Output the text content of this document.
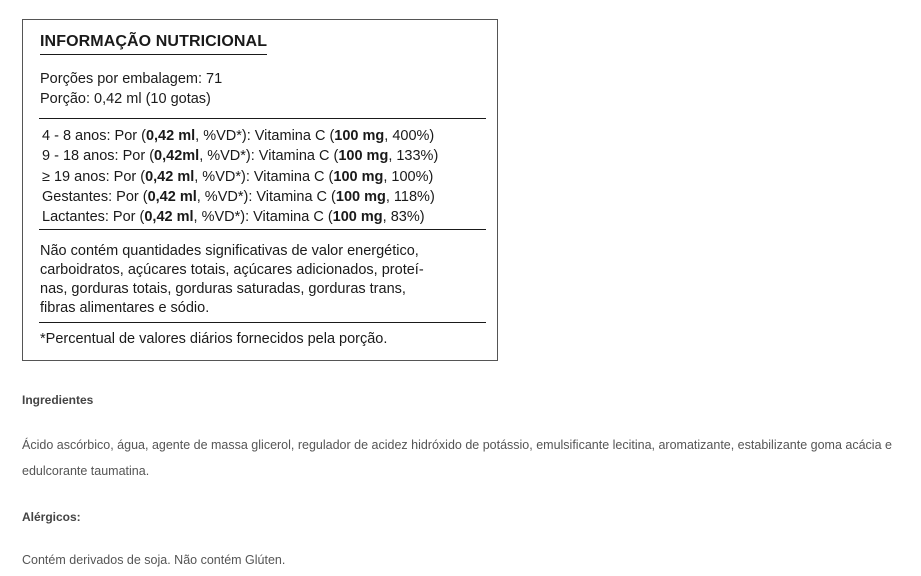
INFORMAÇÃO NUTRICIONAL
Porções por embalagem: 71
Porção: 0,42 ml (10 gotas)
4 - 8 anos: Por (0,42 ml, %VD*): Vitamina C (100 mg, 400%)
9 - 18 anos: Por (0,42ml, %VD*): Vitamina C (100 mg, 133%)
≥ 19 anos: Por (0,42 ml, %VD*): Vitamina C (100 mg, 100%)
Gestantes: Por (0,42 ml, %VD*): Vitamina C (100 mg, 118%)
Lactantes: Por (0,42 ml, %VD*): Vitamina C (100 mg, 83%)
Não contém quantidades significativas de valor energético,
carboidratos, açúcares totais, açúcares adicionados, proteí-
nas, gorduras totais, gorduras saturadas, gorduras trans,
fibras alimentares e sódio.
*Percentual de valores diários fornecidos pela porção.
Ingredientes
Ácido ascórbico, água, agente de massa glicerol, regulador de acidez hidróxido de potássio, emulsificante lecitina, aromatizante, estabilizante goma acácia e
edulcorante taumatina.
Alérgicos:
Contém derivados de soja. Não contém Glúten.
